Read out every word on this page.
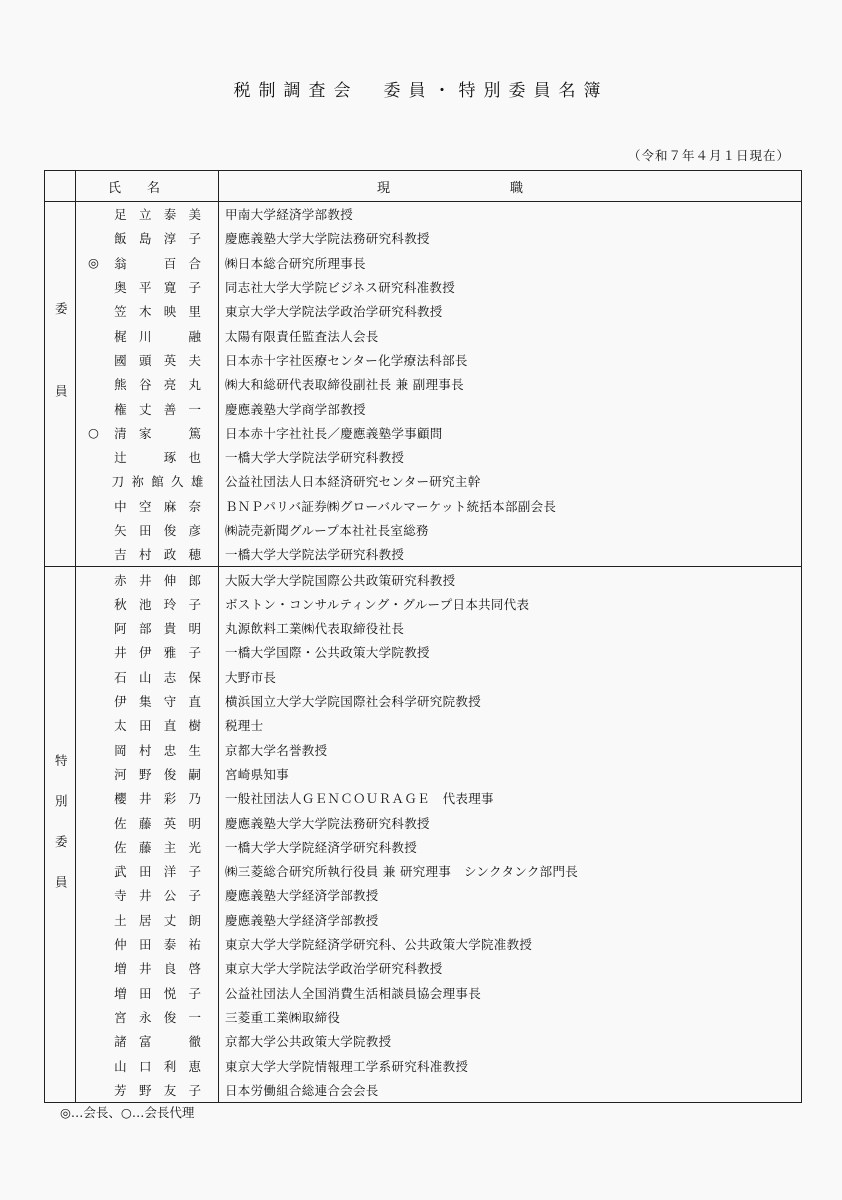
税制調査会　委員・特別委員名簿
（令和７年４月１日現在）
	氏名	現職
委員	足 立 泰 美	甲南大学経済学部教授

飯 島 淳 子	慶應義塾大学大学院法務研究科教授

	◎ 翁 百 合	㈱日本総合研究所理事長

奥 平 寛 子	同志社大学大学院ビジネス研究科准教授

笠 木 映 里	東京大学大学院法学政治学研究科教授

梶 川 融	太陽有限責任監査法人会長

國 頭 英 夫	日本赤十字社医療センター化学療法科部長

熊 谷 亮 丸	㈱大和総研代表取締役副社長 兼 副理事長

権 丈 善 一	慶應義塾大学商学部教授

	○ 清 家 篤	日本赤十字社社長／慶應義塾学事顧問

辻 琢 也	一橋大学大学院法学研究科教授

刀 祢 館 久 雄	公益社団法人日本経済研究センター研究主幹

中 空 麻 奈	ＢＮＰパリバ証券㈱グローバルマーケット統括本部副会長

矢 田 俊 彦	㈱読売新聞グループ本社社長室総務

吉 村 政 穂	一橋大学大学院法学研究科教授
特別委員	赤 井 伸 郎	大阪大学大学院国際公共政策研究科教授

秋 池 玲 子	ボストン・コンサルティング・グループ日本共同代表

阿 部 貴 明	丸源飲料工業㈱代表取締役社長

井 伊 雅 子	一橋大学国際・公共政策大学院教授

石 山 志 保	大野市長

伊 集 守 直	横浜国立大学大学院国際社会科学研究院教授

太 田 直 樹	税理士

岡 村 忠 生	京都大学名誉教授

河 野 俊 嗣	宮崎県知事

櫻 井 彩 乃	一般社団法人ＧＥＮＣＯＵＲＡＧＥ　代表理事

佐 藤 英 明	慶應義塾大学大学院法務研究科教授

佐 藤 主 光	一橋大学大学院経済学研究科教授

武 田 洋 子	㈱三菱総合研究所執行役員 兼 研究理事　シンクタンク部門長

寺 井 公 子	慶應義塾大学経済学部教授

土 居 丈 朗	慶應義塾大学経済学部教授

仲 田 泰 祐	東京大学大学院経済学研究科、公共政策大学院准教授

増 井 良 啓	東京大学大学院法学政治学研究科教授

増 田 悦 子	公益社団法人全国消費生活相談員協会理事長

宮 永 俊 一	三菱重工業㈱取締役

諸 富 徹	京都大学公共政策大学院教授

山 口 利 恵	東京大学大学院情報理工学系研究科准教授

芳 野 友 子	日本労働組合総連合会会長
◎…会長、○…会長代理
